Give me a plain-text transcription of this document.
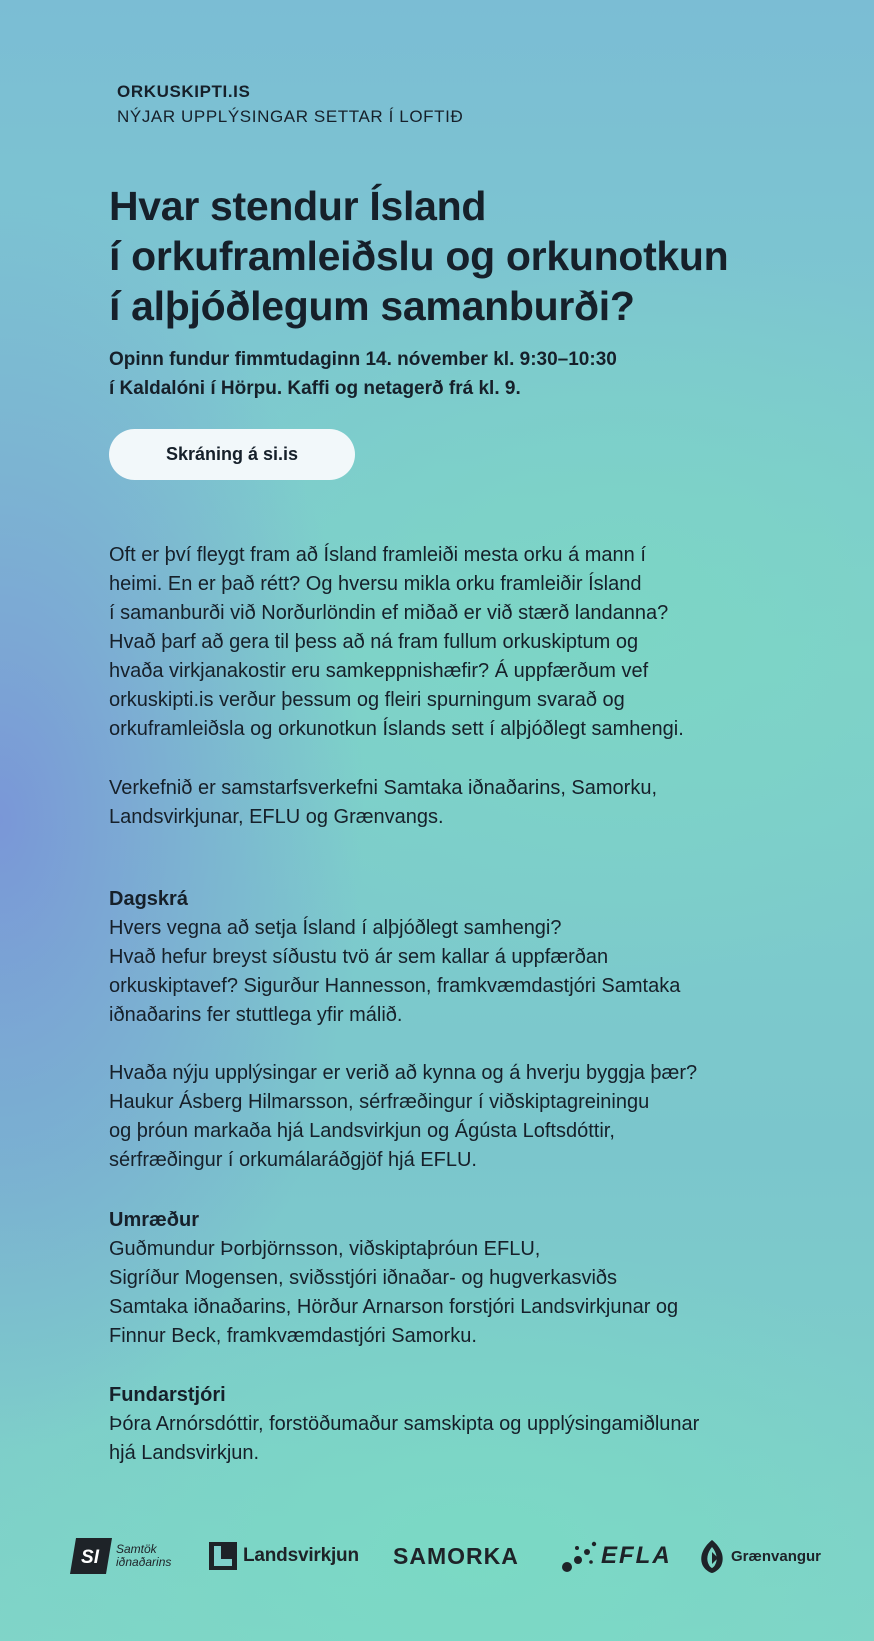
ORKUSKIPTI.IS

NÝJAR UPPLÝSINGAR SETTAR Í LOFTIÐ

Hvar stendur Ísland
í orkuframleiðslu og orkunotkun
í alþjóðlegum samanburði?

Opinn fundur fimmtudaginn 14. nóvember kl. 9:30–10:30
í Kaldalóni í Hörpu. Kaffi og netagerð frá kl. 9.

Skráning á si.is

Oft er því fleygt fram að Ísland framleiði mesta orku á mann í
heimi. En er það rétt? Og hversu mikla orku framleiðir Ísland
í samanburði við Norðurlöndin ef miðað er við stærð landanna?
Hvað þarf að gera til þess að ná fram fullum orkuskiptum og
hvaða virkjanakostir eru samkeppnishæfir? Á uppfærðum vef
orkuskipti.is verður þessum og fleiri spurningum svarað og
orkuframleiðsla og orkunotkun Íslands sett í alþjóðlegt samhengi.

Verkefnið er samstarfsverkefni Samtaka iðnaðarins, Samorku,
Landsvirkjunar, EFLU og Grænvangs.

Dagskrá

Hvers vegna að setja Ísland í alþjóðlegt samhengi?
Hvað hefur breyst síðustu tvö ár sem kallar á uppfærðan
orkuskiptavef? Sigurður Hannesson, framkvæmdastjóri Samtaka
iðnaðarins fer stuttlega yfir málið.

Hvaða nýju upplýsingar er verið að kynna og á hverju byggja þær?
Haukur Ásberg Hilmarsson, sérfræðingur í viðskiptagreiningu
og þróun markaða hjá Landsvirkjun og Ágústa Loftsdóttir,
sérfræðingur í orkumálaráðgjöf hjá EFLU.

Umræður

Guðmundur Þorbjörnsson, viðskiptaþróun EFLU,
Sigríður Mogensen, sviðsstjóri iðnaðar- og hugverkasviðs
Samtaka iðnaðarins, Hörður Arnarson forstjóri Landsvirkjunar og
Finnur Beck, framkvæmdastjóri Samorku.

Fundarstjóri

Þóra Arnórsdóttir, forstöðumaður samskipta og upplýsingamiðlunar
hjá Landsvirkjun.

SI Samtök
iðnaðarins	Landsvirkjun SAMORKA	EFLA	Grænvangur
